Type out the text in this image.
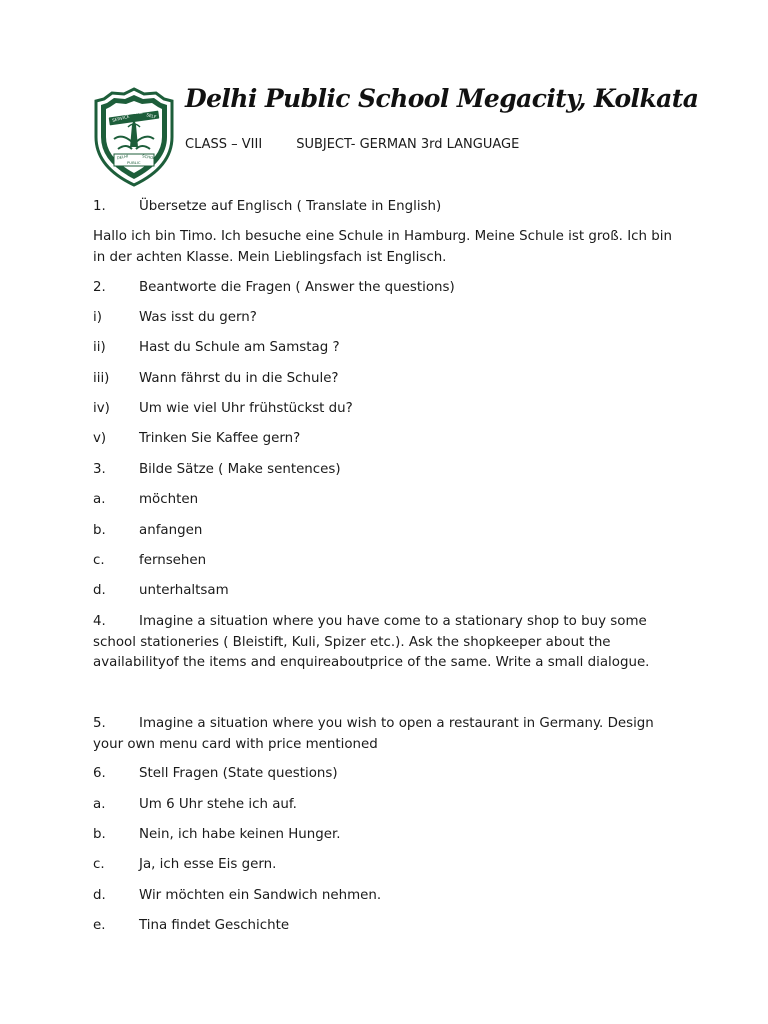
SERVICE
BEFORE SELF
DELHI
PUBLIC
SCHOOL
Delhi Public School Megacity, Kolkata
CLASS – VIII	SUBJECT- GERMAN 3rd LANGUAGE
1. Übersetze auf Englisch ( Translate in English)
Hallo ich bin Timo. Ich besuche eine Schule in Hamburg. Meine Schule ist groß. Ich bin in der achten Klasse. Mein Lieblingsfach ist Englisch.
2. Beantworte die Fragen ( Answer the questions)
i)	Was isst du gern?
ii) Hast du Schule am Samstag ?
iii) Wann fährst du in die Schule?
iv) Um wie viel Uhr frühstückst du?
v) Trinken Sie Kaffee gern?
3. Bilde Sätze ( Make sentences)
a.	möchten
b. anfangen
c.	fernsehen
d. unterhaltsam
4. Imagine a situation where you have come to a stationary shop to buy some school stationeries ( Bleistift, Kuli, Spizer etc.). Ask the shopkeeper about the availabilityof the items and enquireaboutprice of the same. Write a small dialogue.
5. Imagine a situation where you wish to open a restaurant in Germany. Design your own menu card with price mentioned
6. Stell Fragen (State questions)
a.	Um 6 Uhr stehe ich auf.
b. Nein, ich habe keinen Hunger.
c.	Ja, ich esse Eis gern.
d. Wir möchten ein Sandwich nehmen.
e.	Tina findet Geschichte
